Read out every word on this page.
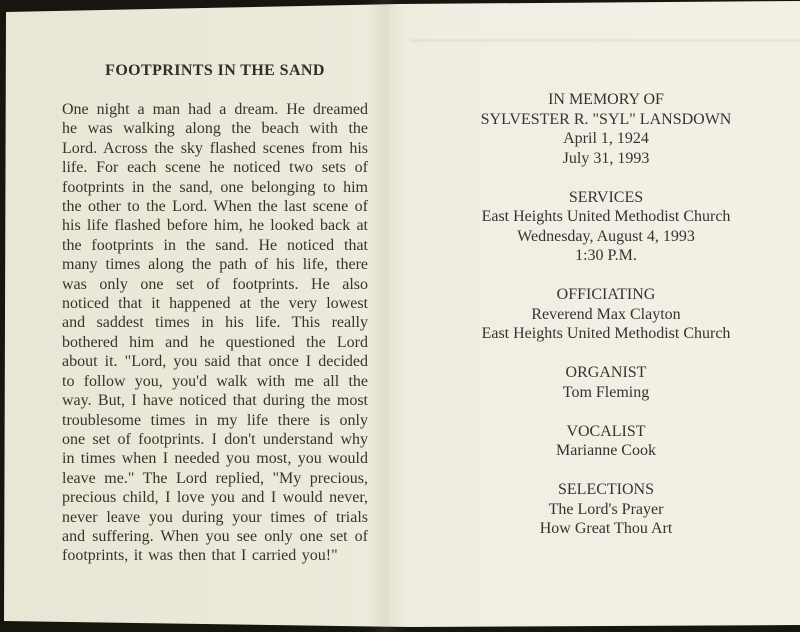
FOOTPRINTS IN THE SAND

One night a man had a dream. He dreamed he was walking along the beach with the Lord. Across the sky flashed scenes from his life. For each scene he noticed two sets of footprints in the sand, one belonging to him the other to the Lord. When the last scene of his life flashed before him, he looked back at the footprints in the sand. He noticed that many times along the path of his life, there was only one set of footprints. He also noticed that it happened at the very lowest and saddest times in his life. This really bothered him and he questioned the Lord about it. "Lord, you said that once I decided to follow you, you'd walk with me all the way. But, I have noticed that during the most troublesome times in my life there is only one set of footprints. I don't understand why in times when I needed you most, you would leave me." The Lord replied, "My precious, precious child, I love you and I would never, never leave you during your times of trials and suffering. When you see only one set of footprints, it was then that I carried you!"

IN MEMORY OF

SYLVESTER R. "SYL" LANSDOWN

April 1, 1924

July 31, 1993

SERVICES

East Heights United Methodist Church

Wednesday, August 4, 1993

1:30 P.M.

OFFICIATING

Reverend Max Clayton

East Heights United Methodist Church

ORGANIST

Tom Fleming

VOCALIST

Marianne Cook

SELECTIONS

The Lord's Prayer

How Great Thou Art
